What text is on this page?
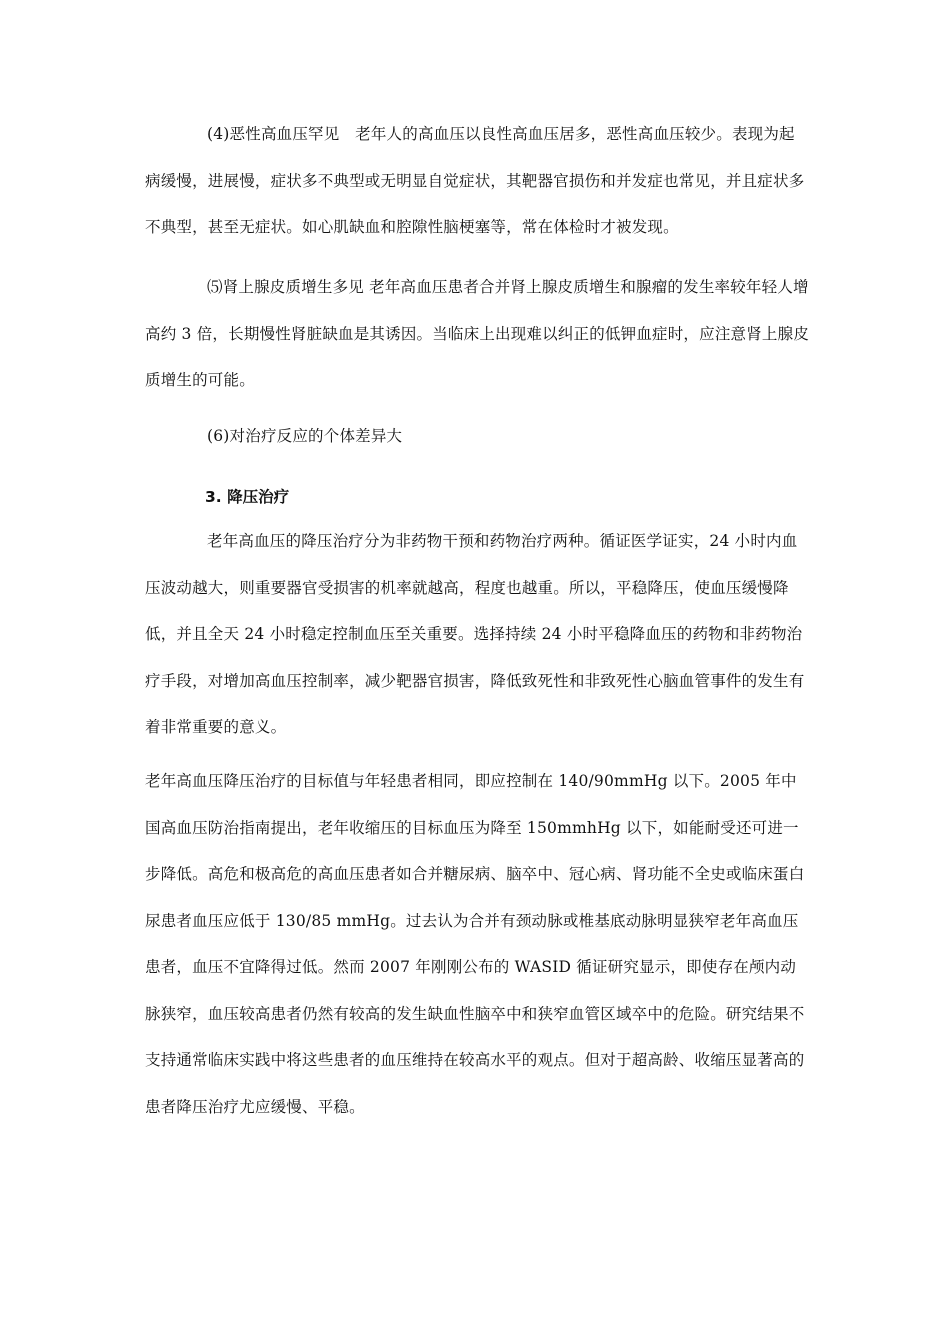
(4)恶性高血压罕见　老年人的高血压以良性高血压居多，恶性高血压较少。表现为起病缓慢，进展慢，症状多不典型或无明显自觉症状，其靶器官损伤和并发症也常见，并且症状多不典型，甚至无症状。如心肌缺血和腔隙性脑梗塞等，常在体检时才被发现。

⑸肾上腺皮质增生多见 老年高血压患者合并肾上腺皮质增生和腺瘤的发生率较年轻人增高约 3 倍，长期慢性肾脏缺血是其诱因。当临床上出现难以纠正的低钾血症时，应注意肾上腺皮质增生的可能。

(6)对治疗反应的个体差异大

3. 降压治疗

老年高血压的降压治疗分为非药物干预和药物治疗两种。循证医学证实，24 小时内血压波动越大，则重要器官受损害的机率就越高，程度也越重。所以，平稳降压，使血压缓慢降低，并且全天 24 小时稳定控制血压至关重要。选择持续 24 小时平稳降血压的药物和非药物治疗手段，对增加高血压控制率，减少靶器官损害，降低致死性和非致死性心脑血管事件的发生有着非常重要的意义。

老年高血压降压治疗的目标值与年轻患者相同，即应控制在 140/90mmHg 以下。2005 年中国高血压防治指南提出，老年收缩压的目标血压为降至 150mmhHg 以下，如能耐受还可进一步降低。高危和极高危的高血压患者如合并糖尿病、脑卒中、冠心病、肾功能不全史或临床蛋白尿患者血压应低于 130/85 mmHg。过去认为合并有颈动脉或椎基底动脉明显狭窄老年高血压患者，血压不宜降得过低。然而 2007 年刚刚公布的 WASID 循证研究显示，即使存在颅内动脉狭窄，血压较高患者仍然有较高的发生缺血性脑卒中和狭窄血管区域卒中的危险。研究结果不支持通常临床实践中将这些患者的血压维持在较高水平的观点。但对于超高龄、收缩压显著高的患者降压治疗尤应缓慢、平稳。
